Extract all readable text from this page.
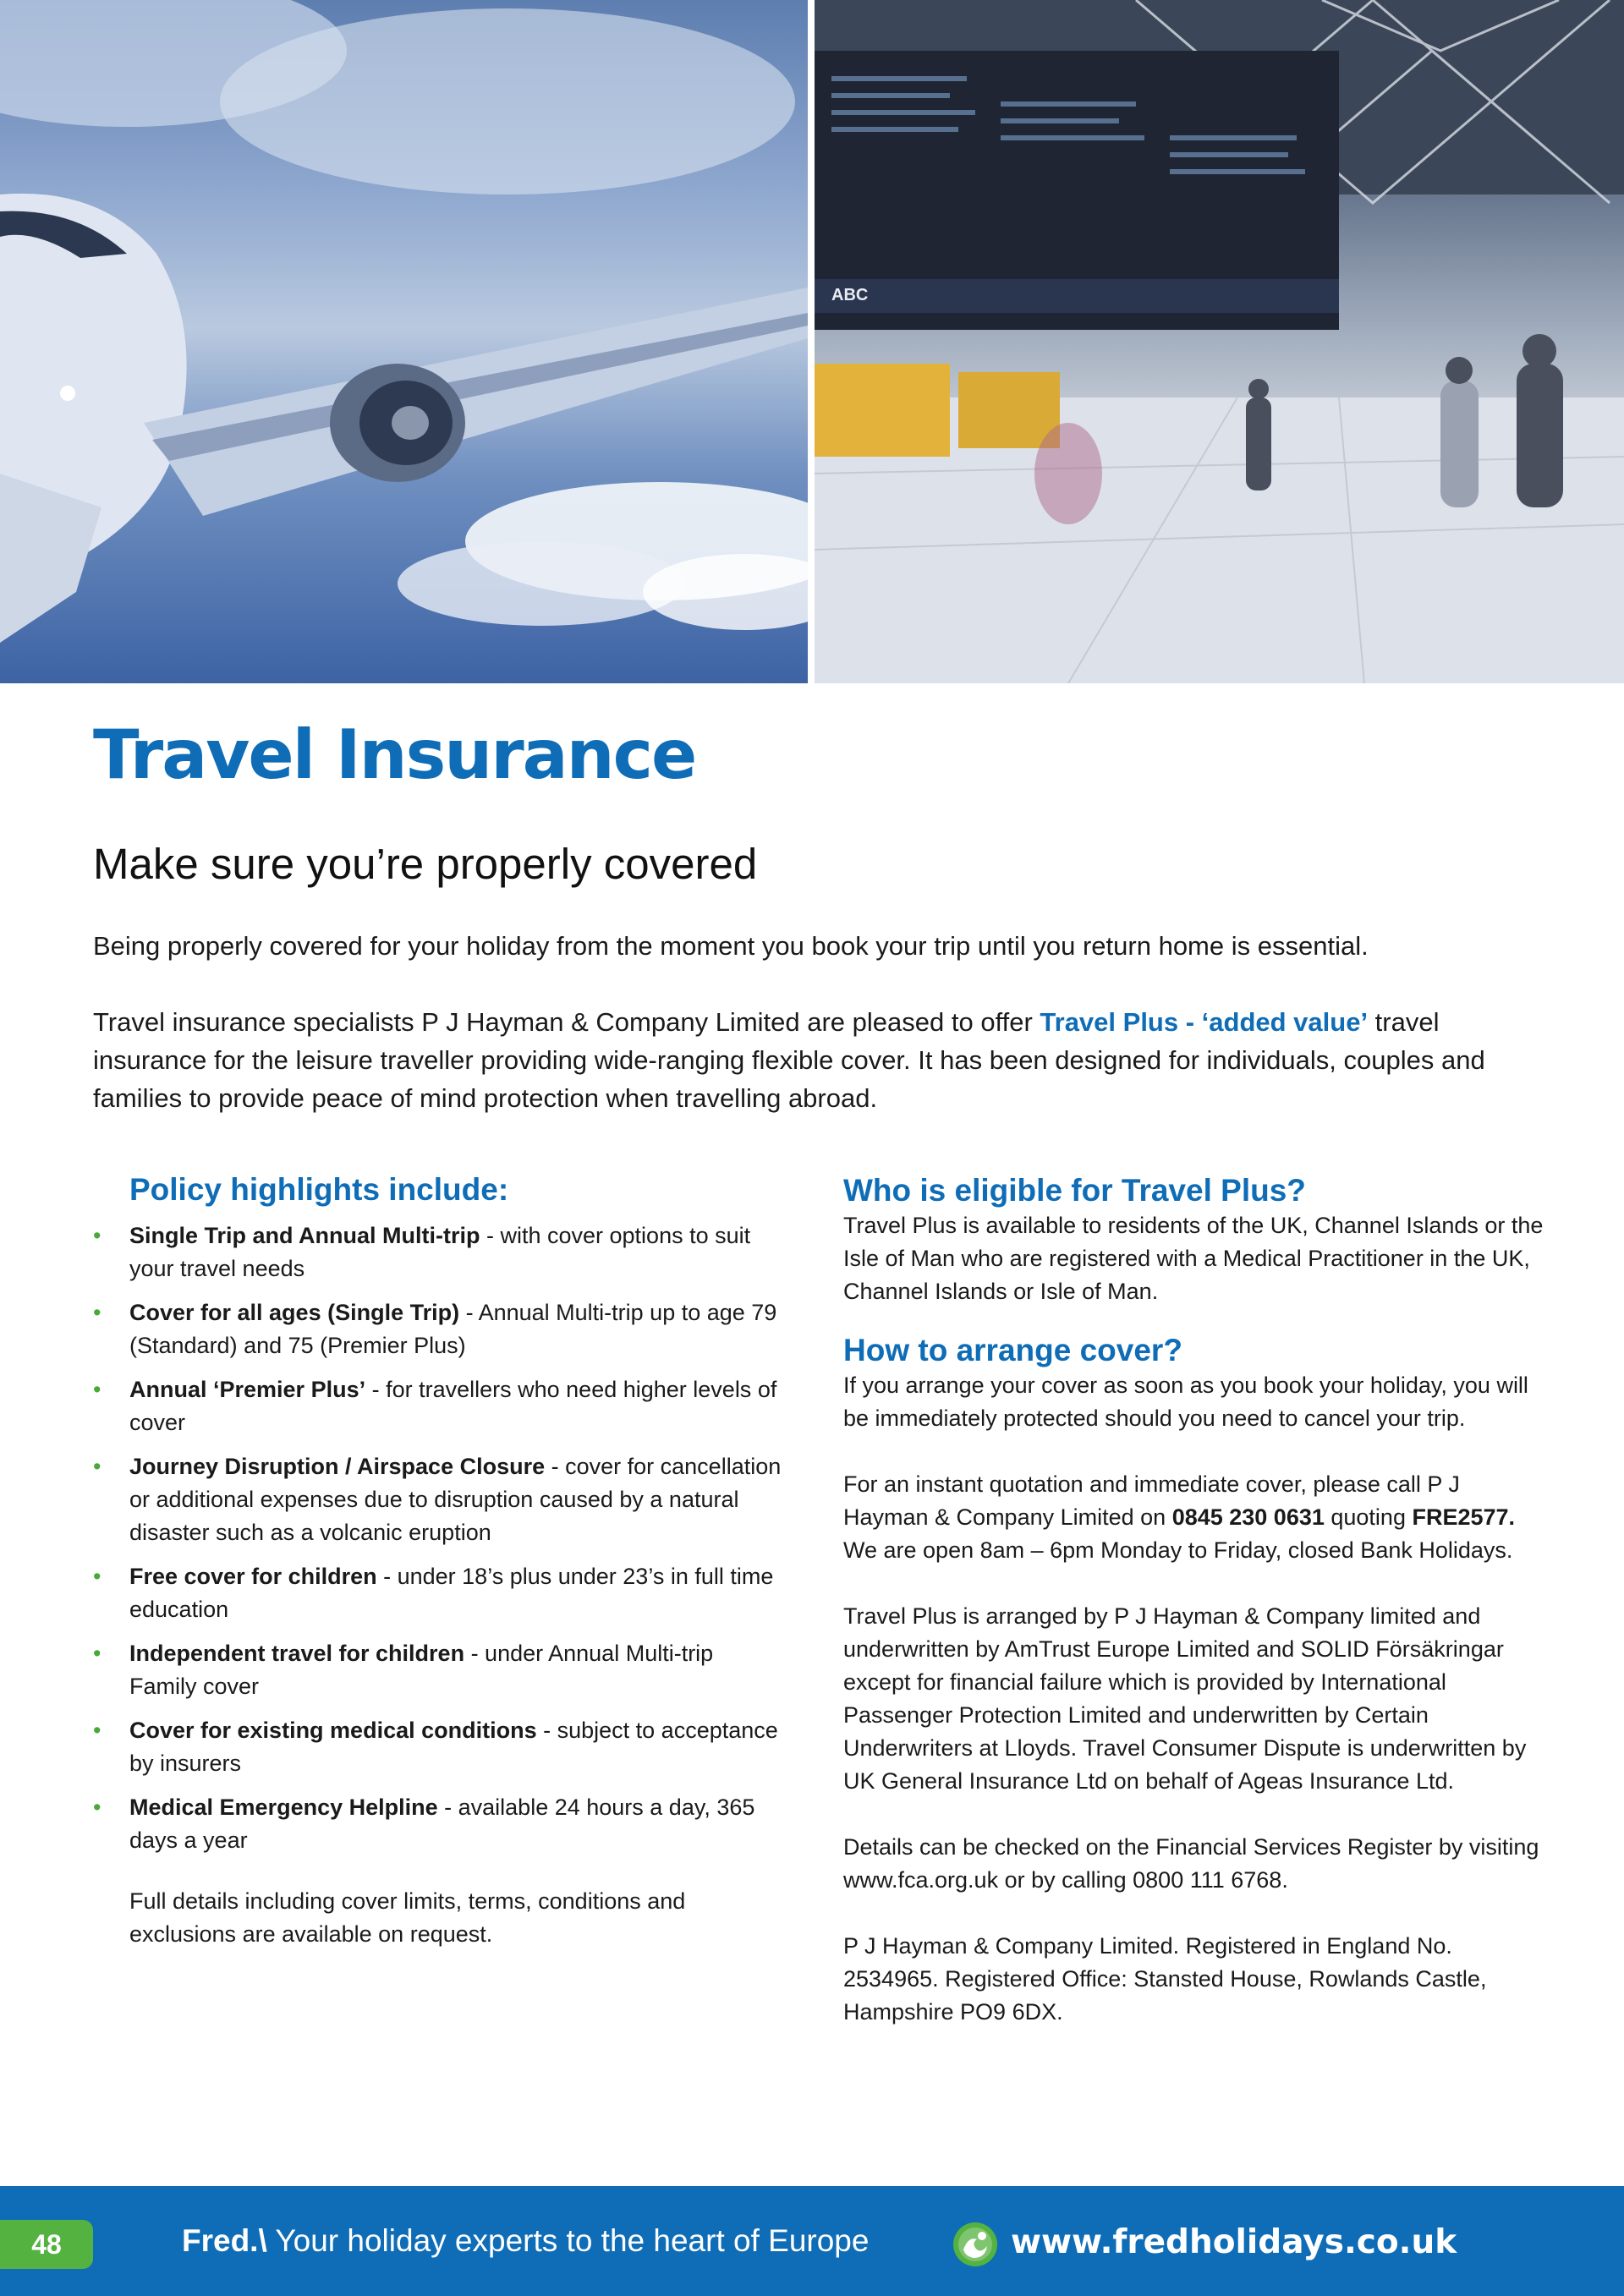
ABC
Travel Insurance
Make sure you’re properly covered

Being properly covered for your holiday from the moment you book your trip until you return home is essential.

Travel insurance specialists P J Hayman & Company Limited are pleased to offer Travel Plus - ‘added value’ travel insurance for the leisure traveller providing wide-ranging flexible cover. It has been designed for individuals, couples and families to provide peace of mind protection when travelling abroad.

Policy highlights include:
• Single Trip and Annual Multi-trip - with cover options to suit your travel needs
• Cover for all ages (Single Trip) - Annual Multi-trip up to age 79 (Standard) and 75 (Premier Plus)
• Annual ‘Premier Plus’ - for travellers who need higher levels of cover
• Journey Disruption / Airspace Closure - cover for cancellation or additional expenses due to disruption caused by a natural disaster such as a volcanic eruption
• Free cover for children - under 18’s plus under 23’s in full time education
• Independent travel for children - under Annual Multi-trip Family cover
• Cover for existing medical conditions - subject to acceptance by insurers
• Medical Emergency Helpline - available 24 hours a day, 365 days a year

Full details including cover limits, terms, conditions and exclusions are available on request.

Who is eligible for Travel Plus?

Travel Plus is available to residents of the UK, Channel Islands or the Isle of Man who are registered with a Medical Practitioner in the UK, Channel Islands or Isle of Man.

How to arrange cover?

If you arrange your cover as soon as you book your holiday, you will be immediately protected should you need to cancel your trip.

For an instant quotation and immediate cover, please call P J Hayman & Company Limited on 0845 230 0631 quoting FRE2577. We are open 8am – 6pm Monday to Friday, closed Bank Holidays.

Travel Plus is arranged by P J Hayman & Company limited and underwritten by AmTrust Europe Limited and SOLID Försäkringar except for financial failure which is provided by International Passenger Protection Limited and underwritten by Certain Underwriters at Lloyds. Travel Consumer Dispute is underwritten by UK General Insurance Ltd on behalf of Ageas Insurance Ltd.

Details can be checked on the Financial Services Register by visiting www.fca.org.uk or by calling 0800 111 6768.

P J Hayman & Company Limited. Registered in England No. 2534965. Registered Office: Stansted House, Rowlands Castle, Hampshire PO9 6DX.

48	Fred.\ Your holiday experts to the heart of Europe	www.fredholidays.co.uk
